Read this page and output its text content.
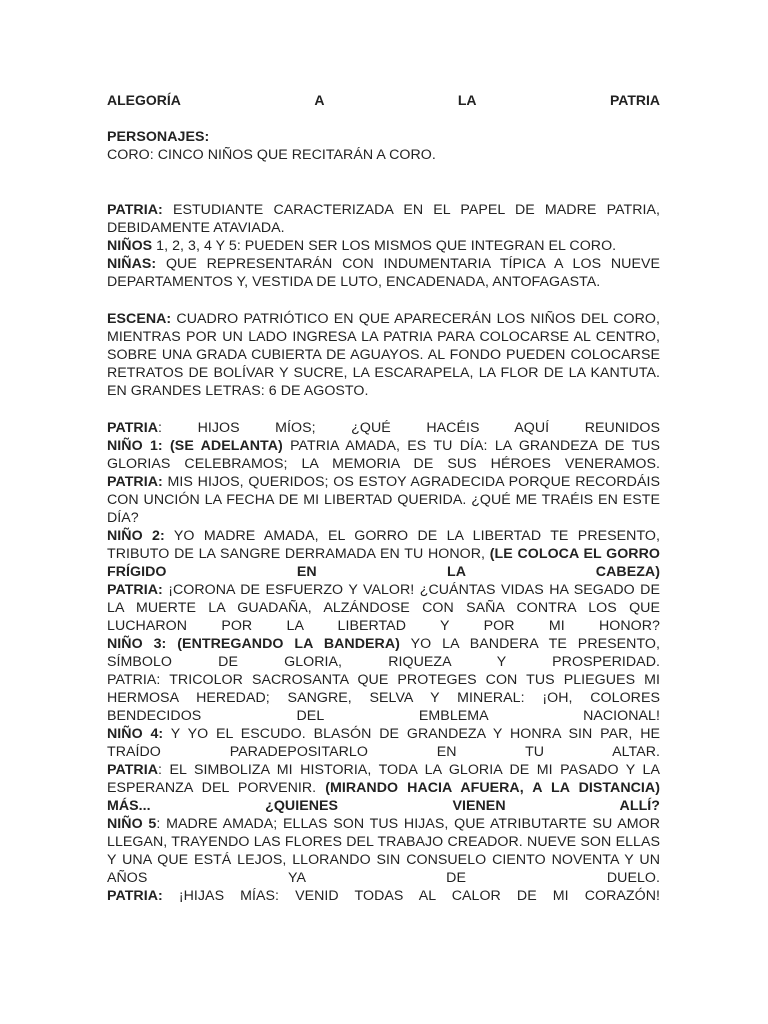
ALEGORÍA	A	LA	PATRIA

PERSONAJES:
CORO: CINCO NIÑOS QUE RECITARÁN A CORO.

PATRIA: ESTUDIANTE CARACTERIZADA EN EL PAPEL DE MADRE PATRIA, DEBIDAMENTE ATAVIADA.

NIÑOS 1, 2, 3, 4 Y 5: PUEDEN SER LOS MISMOS QUE INTEGRAN EL CORO.

NIÑAS: QUE REPRESENTARÁN CON INDUMENTARIA TÍPICA A LOS NUEVE DEPARTAMENTOS Y, VESTIDA DE LUTO, ENCADENADA, ANTOFAGASTA.

ESCENA: CUADRO PATRIÓTICO EN QUE APARECERÁN LOS NIÑOS DEL CORO, MIENTRAS POR UN LADO INGRESA LA PATRIA PARA COLOCARSE AL CENTRO, SOBRE UNA GRADA CUBIERTA DE AGUAYOS. AL FONDO PUEDEN COLOCARSE RETRATOS DE BOLÍVAR Y SUCRE, LA ESCARAPELA, LA FLOR DE LA KANTUTA. EN GRANDES LETRAS: 6 DE AGOSTO.

PATRIA: HIJOS MÍOS; ¿QUÉ HACÉIS AQUÍ REUNIDOS

NIÑO 1: (SE ADELANTA) PATRIA AMADA, ES TU DÍA: LA GRANDEZA DE TUS GLORIAS CELEBRAMOS; LA MEMORIA DE SUS HÉROES VENERAMOS.

PATRIA: MIS HIJOS, QUERIDOS; OS ESTOY AGRADECIDA PORQUE RECORDÁIS CON UNCIÓN LA FECHA DE MI LIBERTAD QUERIDA. ¿QUÉ ME TRAÉIS EN ESTE DÍA?

NIÑO 2: YO MADRE AMADA, EL GORRO DE LA LIBERTAD TE PRESENTO, TRIBUTO DE LA SANGRE DERRAMADA EN TU HONOR, (LE COLOCA EL GORRO FRÍGIDO EN LA CABEZA)

PATRIA: ¡CORONA DE ESFUERZO Y VALOR! ¿CUÁNTAS VIDAS HA SEGADO DE LA MUERTE LA GUADAÑA, ALZÁNDOSE CON SAÑA CONTRA LOS QUE LUCHARON POR LA LIBERTAD Y POR MI HONOR?

NIÑO 3: (ENTREGANDO LA BANDERA) YO LA BANDERA TE PRESENTO, SÍMBOLO DE GLORIA, RIQUEZA Y PROSPERIDAD.

PATRIA: TRICOLOR SACROSANTA QUE PROTEGES CON TUS PLIEGUES MI HERMOSA HEREDAD; SANGRE, SELVA Y MINERAL: ¡OH, COLORES BENDECIDOS DEL EMBLEMA NACIONAL!

NIÑO 4: Y YO EL ESCUDO. BLASÓN DE GRANDEZA Y HONRA SIN PAR, HE TRAÍDO PARADEPOSITARLO EN TU ALTAR.

PATRIA: EL SIMBOLIZA MI HISTORIA, TODA LA GLORIA DE MI PASADO Y LA ESPERANZA DEL PORVENIR. (MIRANDO HACIA AFUERA, A LA DISTANCIA) MÁS... ¿QUIENES VIENEN ALLÍ?

NIÑO 5: MADRE AMADA; ELLAS SON TUS HIJAS, QUE ATRIBUTARTE SU AMOR LLEGAN, TRAYENDO LAS FLORES DEL TRABAJO CREADOR. NUEVE SON ELLAS Y UNA QUE ESTÁ LEJOS, LLORANDO SIN CONSUELO CIENTO NOVENTA Y UN AÑOS YA DE DUELO.

PATRIA: ¡HIJAS MÍAS: VENID TODAS AL CALOR DE MI CORAZÓN!
